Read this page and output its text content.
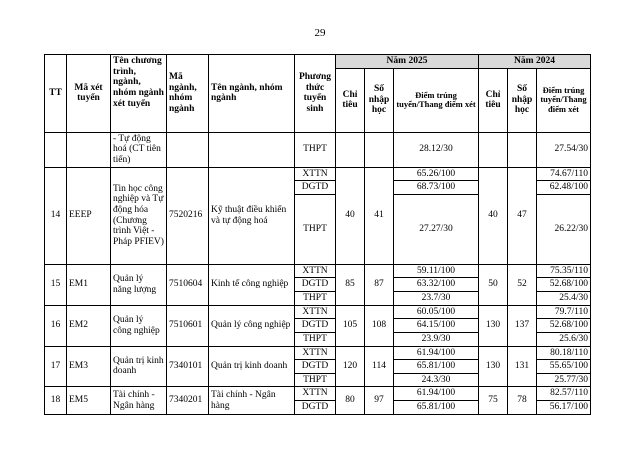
29
TT	Mã xét tuyển	Tên chương trình, ngành, nhóm ngành xét tuyển	Mã ngành, nhóm ngành	Tên ngành, nhóm ngành	Phương thức tuyển sinh	Năm 2025			Năm 2024		
						Chỉ tiêu	Số nhập học	Điểm trúng tuyển/Thang điểm xét	Chỉ tiêu	Số nhập học	Điểm trúng tuyển/Thang điểm xét
		- Tự động hoá (CT tiên tiến)			THPT			28.12/30			27.54/30
14	EEEP	Tin học công nghiệp và Tự động hóa (Chương trình Việt - Pháp PFIEV)	7520216	Kỹ thuật điều khiển và tự động hoá	XTTN	40	41	65.26/100	40	47	74.67/110
					DGTD			68.73/100			62.48/100
					THPT			27.27/30			26.22/30
15	EM1	Quản lý năng lượng	7510604	Kinh tế công nghiệp	XTTN	85	87	59.11/100	50	52	75.35/110
					DGTD			63.32/100			52.68/100
					THPT			23.7/30			25.4/30
16	EM2	Quản lý công nghiệp	7510601	Quản lý công nghiệp	XTTN	105	108	60.05/100	130	137	79.7/110
					DGTD			64.15/100			52.68/100
					THPT			23.9/30			25.6/30
17	EM3	Quản trị kinh doanh	7340101	Quản trị kinh doanh	XTTN	120	114	61.94/100	130	131	80.18/110
					DGTD			65.81/100			55.65/100
					THPT			24.3/30			25.77/30
18	EM5	Tài chính - Ngân hàng	7340201	Tài chính - Ngân hàng	XTTN	80	97	61.94/100	75	78	82.57/110
					DGTD			65.81/100			56.17/100
